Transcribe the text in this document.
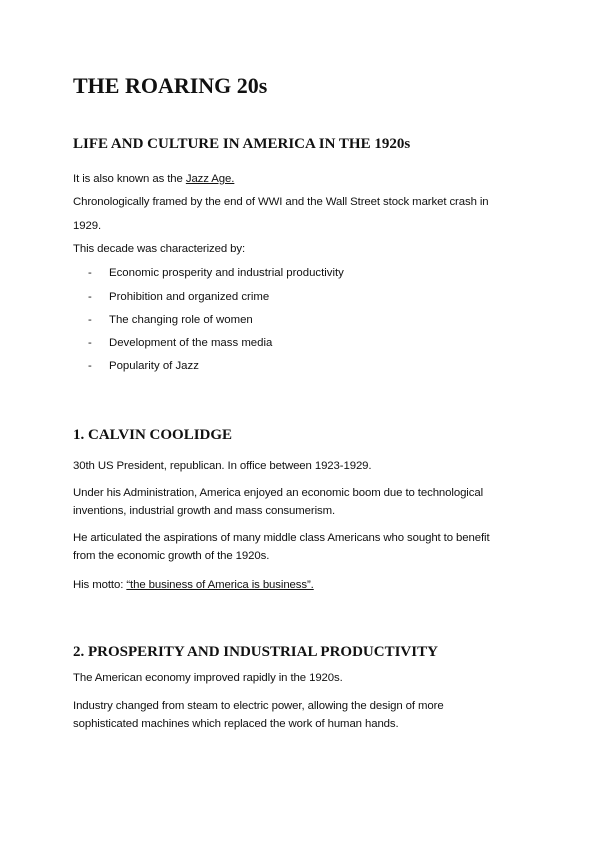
THE ROARING 20s
LIFE AND CULTURE IN AMERICA IN THE 1920s
It is also known as the Jazz Age.
Chronologically framed by the end of WWI and the Wall Street stock market crash in
1929.
This decade was characterized by:
- Economic prosperity and industrial productivity
- Prohibition and organized crime
- The changing role of women
- Development of the mass media
- Popularity of Jazz
1. CALVIN COOLIDGE
30th US President, republican. In office between 1923-1929.
Under his Administration, America enjoyed an economic boom due to technological
inventions, industrial growth and mass consumerism.
He articulated the aspirations of many middle class Americans who sought to benefit
from the economic growth of the 1920s.
His motto: “the business of America is business”.
2. PROSPERITY AND INDUSTRIAL PRODUCTIVITY
The American economy improved rapidly in the 1920s.
Industry changed from steam to electric power, allowing the design of more
sophisticated machines which replaced the work of human hands.
